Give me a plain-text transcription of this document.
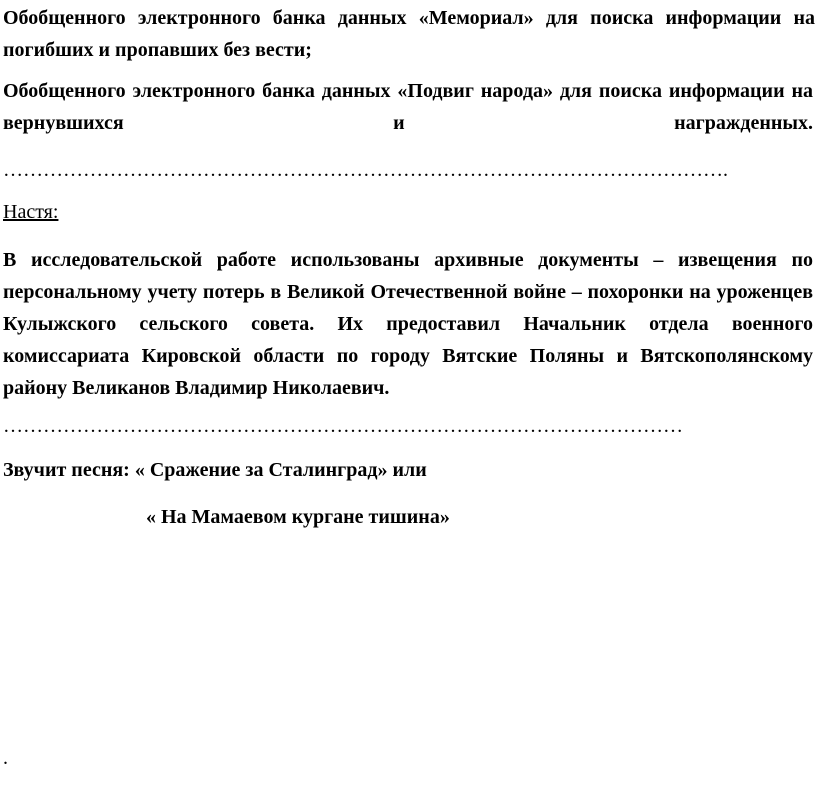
Обобщенного электронного банка данных «Мемориал» для поиска информации на погибших и пропавших без вести;

Обобщенного электронного банка данных «Подвиг народа» для поиска информации на вернувшихся и награжденных.

……………………………………………………………………………………………….

Настя:

В исследовательской работе использованы архивные документы – извещения по персональному учету потерь в Великой Отечественной войне – похоронки на уроженцев Кулыжского сельского совета. Их предоставил Начальник отдела военного комиссариата Кировской области по городу Вятские Поляны и Вятскополянскому району Великанов Владимир Николаевич.

…………………………………………………………………………………………

Звучит песня: « Сражение за Сталинград» или

« На Мамаевом кургане тишина»

.
